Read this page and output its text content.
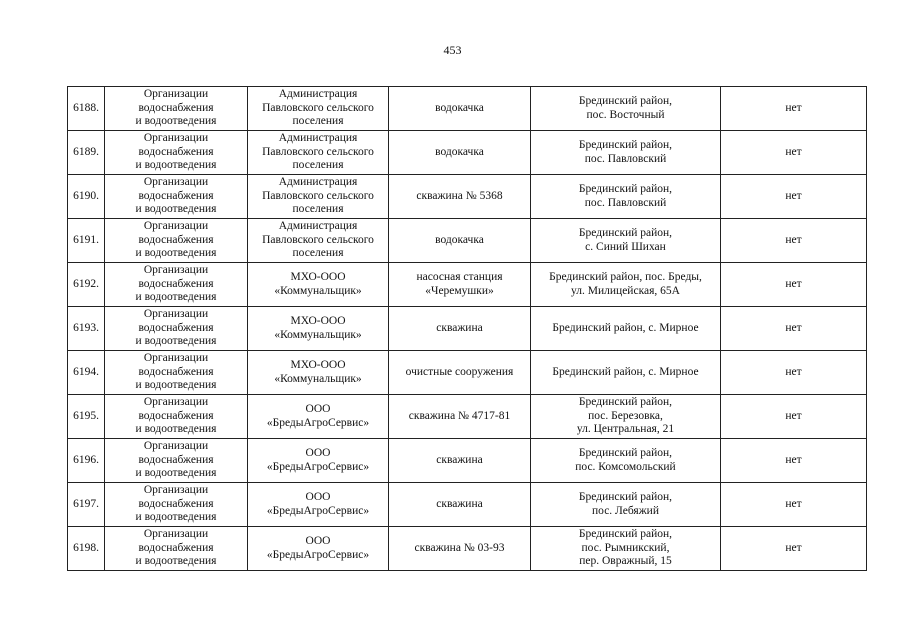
453
6188.	Организации
водоснабжения
и водоотведения	Администрация
Павловского сельского
поселения	водокачка	Брединский район,
пос. Восточный	нет
6189.	Организации
водоснабжения
и водоотведения	Администрация
Павловского сельского
поселения	водокачка	Брединский район,
пос. Павловский	нет
6190.	Организации
водоснабжения
и водоотведения	Администрация
Павловского сельского
поселения	скважина № 5368	Брединский район,
пос. Павловский	нет
6191.	Организации
водоснабжения
и водоотведения	Администрация
Павловского сельского
поселения	водокачка	Брединский район,
с. Синий Шихан	нет
6192.	Организации
водоснабжения
и водоотведения	МХО-ООО
«Коммунальщик»	насосная станция
«Черемушки»	Брединский район, пос. Бреды,
ул. Милицейская, 65А	нет
6193.	Организации
водоснабжения
и водоотведения	МХО-ООО
«Коммунальщик»	скважина	Брединский район, с. Мирное	нет
6194.	Организации
водоснабжения
и водоотведения	МХО-ООО
«Коммунальщик»	очистные сооружения	Брединский район, с. Мирное	нет
6195.	Организации
водоснабжения
и водоотведения	ООО
«БредыАгроСервис»	скважина № 4717-81	Брединский район,
пос. Березовка,
ул. Центральная, 21	нет
6196.	Организации
водоснабжения
и водоотведения	ООО
«БредыАгроСервис»	скважина	Брединский район,
пос. Комсомольский	нет
6197.	Организации
водоснабжения
и водоотведения	ООО
«БредыАгроСервис»	скважина	Брединский район,
пос. Лебяжий	нет
6198.	Организации
водоснабжения
и водоотведения	ООО
«БредыАгроСервис»	скважина № 03-93	Брединский район,
пос. Рымникский,
пер. Овражный, 15	нет
